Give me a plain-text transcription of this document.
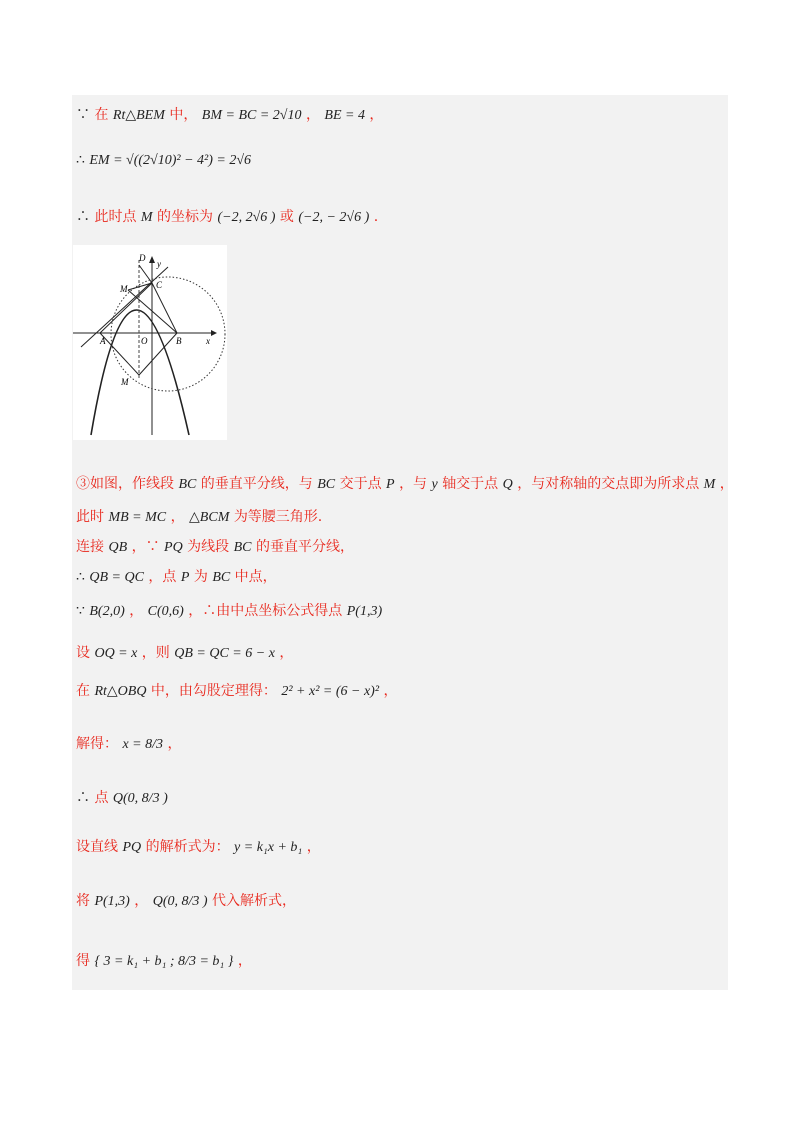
∵ 在 Rt△BEM 中， BM = BC = 2√10 ， BE = 4 ，
∴ EM = √((2√10)² − 4²) = 2√6
∴ 此时点 M 的坐标为 (−2, 2√6 ) 或 (−2, − 2√6 ) .
D
y
M	C
A	O	B	x
M
③如图，作线段 BC 的垂直平分线，与 BC 交于点 P ，与 y 轴交于点 Q ，与对称轴的交点即为所求点 M ，
此时 MB = MC ， △BCM 为等腰三角形.
连接 QB ，∵ PQ 为线段 BC 的垂直平分线，
∴ QB = QC ，点 P 为 BC 中点，
∵ B(2,0) ， C(0,6) ，∴由中点坐标公式得点 P(1,3)
设 OQ = x ，则 QB = QC = 6 − x ，
在 Rt△OBQ 中，由勾股定理得： 2² + x² = (6 − x)² ，
解得： x = 8/3 ，
∴ 点 Q(0, 8/3 )
设直线 PQ 的解析式为： y = k₁x + b₁ ，
将 P(1,3) ， Q(0, 8/3 ) 代入解析式，
得 { 3 = k₁ + b₁ ; 8/3 = b₁ } ，
